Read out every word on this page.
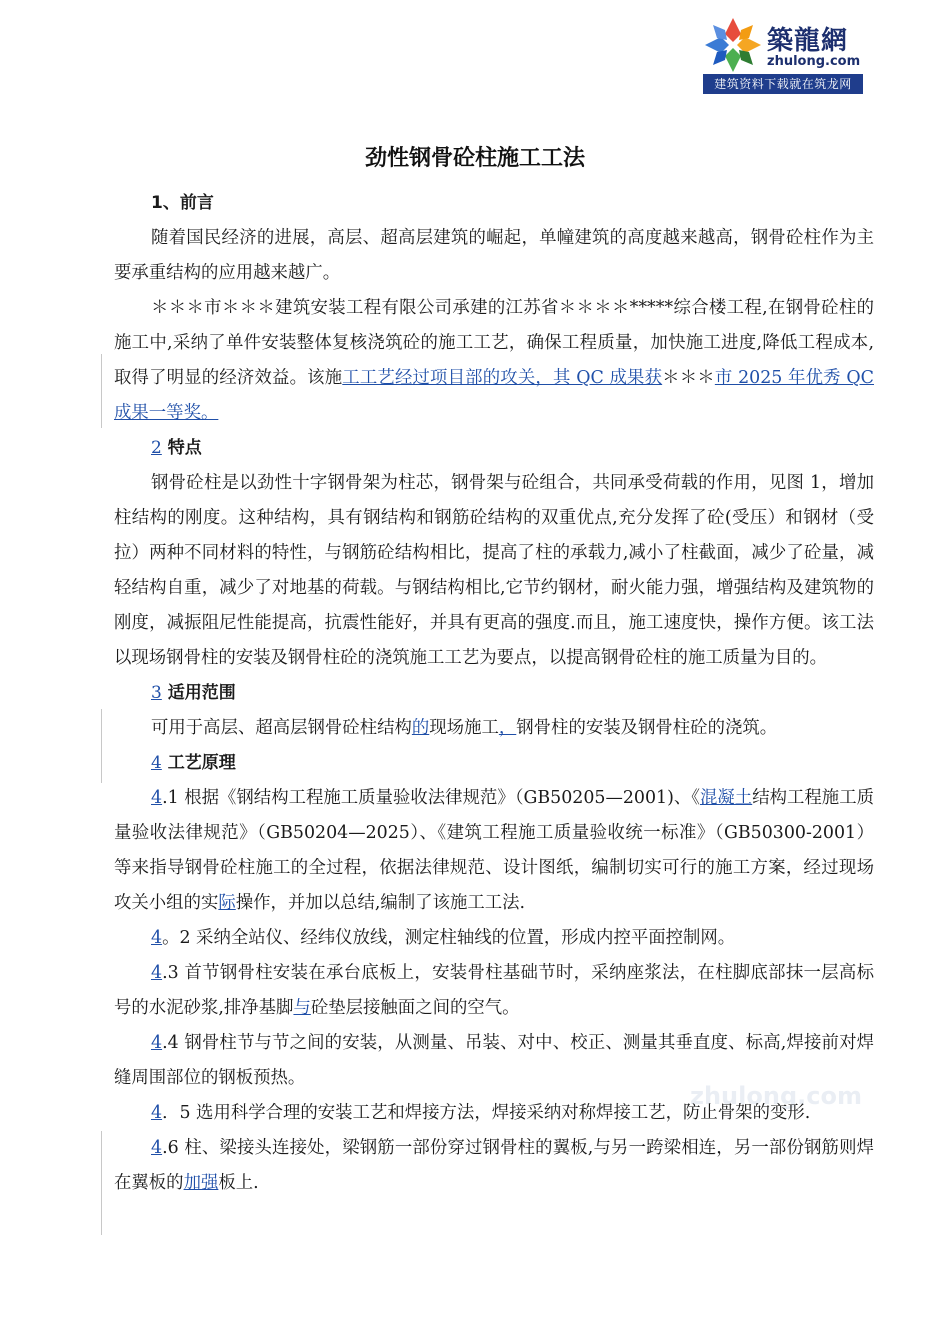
築龍網
zhulong.com
建筑资料下载就在筑龙网
zhulong.com
劲性钢骨砼柱施工工法

1、前言

随着国民经济的进展，高层、超高层建筑的崛起，单幢建筑的高度越来越高，钢骨砼柱作为主要承重结构的应用越来越广。

＊＊＊市＊＊＊建筑安装工程有限公司承建的江苏省＊＊＊＊*****综合楼工程,在钢骨砼柱的施工中,采纳了单件安装整体复核浇筑砼的施工工艺，确保工程质量，加快施工进度,降低工程成本,取得了明显的经济效益。该施工工艺经过项目部的攻关，其 QC 成果获＊＊＊市 2025 年优秀 QC 成果一等奖。

2 特点

钢骨砼柱是以劲性十字钢骨架为柱芯，钢骨架与砼组合，共同承受荷载的作用，见图 1，增加柱结构的刚度。这种结构，具有钢结构和钢筋砼结构的双重优点,充分发挥了砼(受压）和钢材（受拉）两种不同材料的特性，与钢筋砼结构相比，提高了柱的承载力,减小了柱截面，减少了砼量，减轻结构自重，减少了对地基的荷载。与钢结构相比,它节约钢材，耐火能力强，增强结构及建筑物的刚度，减振阻尼性能提高，抗震性能好，并具有更高的强度.而且，施工速度快，操作方便。该工法以现场钢骨柱的安装及钢骨柱砼的浇筑施工工艺为要点，以提高钢骨砼柱的施工质量为目的。

3 适用范围

可用于高层、超高层钢骨砼柱结构的现场施工，钢骨柱的安装及钢骨柱砼的浇筑。

4 工艺原理

4.1 根据《钢结构工程施工质量验收法律规范》（GB50205—2001)、《混凝土结构工程施工质量验收法律规范》（GB50204—2025）、《建筑工程施工质量验收统一标准》（GB50300-2001）等来指导钢骨砼柱施工的全过程，依据法律规范、设计图纸，编制切实可行的施工方案，经过现场攻关小组的实际操作，并加以总结,编制了该施工工法.

4。2 采纳全站仪、经纬仪放线，测定柱轴线的位置，形成内控平面控制网。

4.3 首节钢骨柱安装在承台底板上，安装骨柱基础节时，采纳座浆法，在柱脚底部抹一层高标号的水泥砂浆,排净基脚与砼垫层接触面之间的空气。

4.4 钢骨柱节与节之间的安装，从测量、吊装、对中、校正、测量其垂直度、标高,焊接前对焊缝周围部位的钢板预热。

4．5 选用科学合理的安装工艺和焊接方法，焊接采纳对称焊接工艺，防止骨架的变形.

4.6 柱、梁接头连接处，梁钢筋一部份穿过钢骨柱的翼板,与另一跨梁相连，另一部份钢筋则焊在翼板的加强板上.
